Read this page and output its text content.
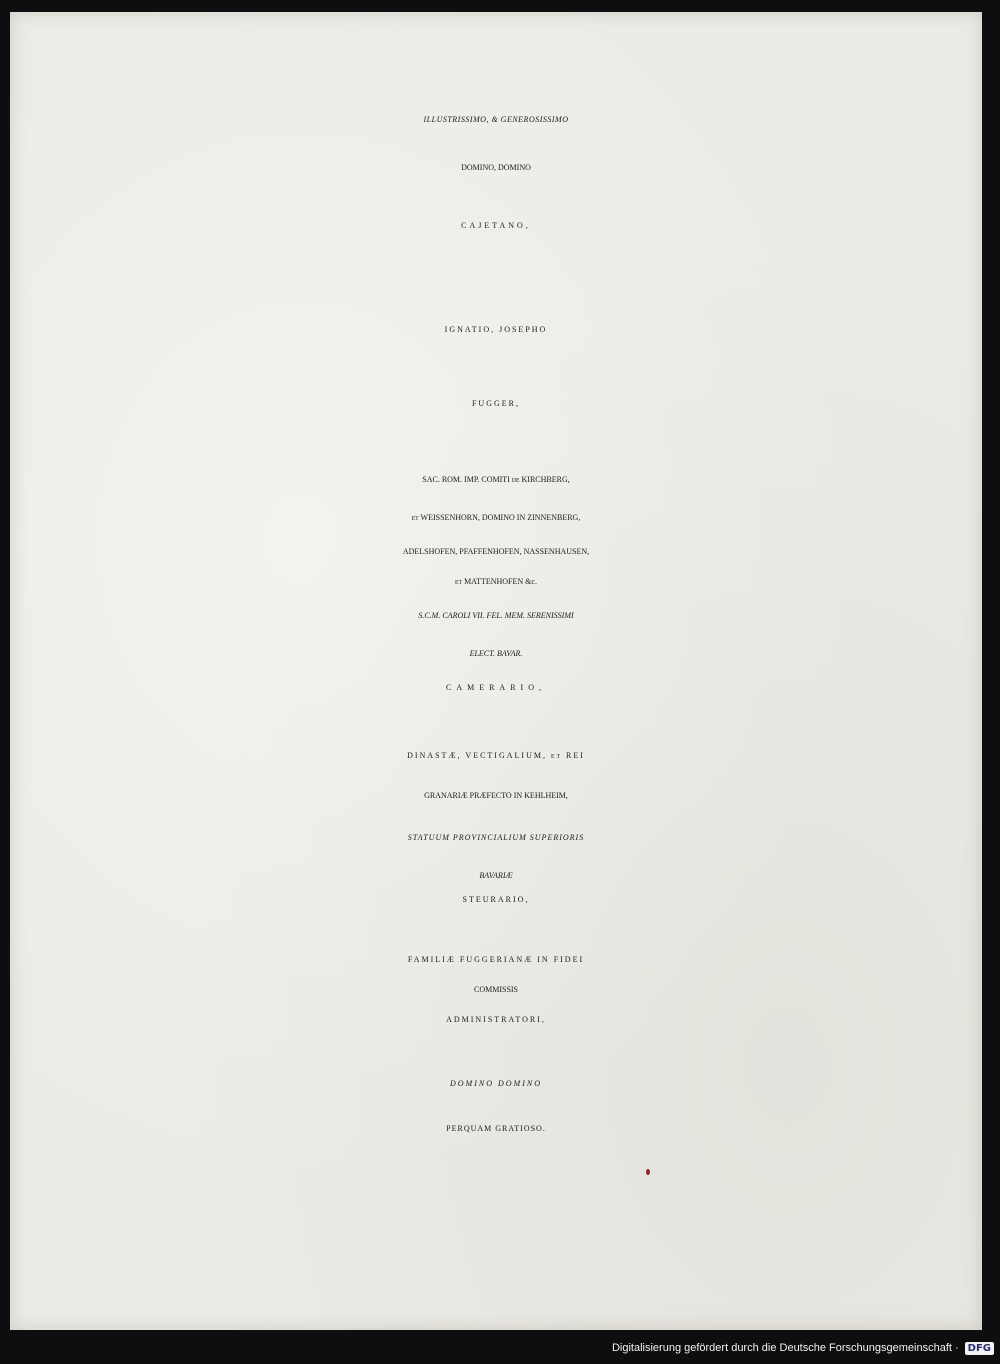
ILLUSTRISSIMO, & GENEROSISSIMO
DOMINO, DOMINO
CAJETANO,
IGNATIO, JOSEPHO
FUGGER,
SAC. ROM. IMP. COMITI DE KIRCHBERG,
ET WEISSENHORN, DOMINO IN ZINNENBERG,
ADELSHOFEN, PFAFFENHOFEN, NASSENHAUSEN,
ET MATTENHOFEN &c.
S.C.M. CAROLI VII. FEL. MEM. SERENISSIMI
ELECT. BAVAR.
CAMERARIO,
DINASTÆ, VECTIGALIUM, ET REI
GRANARIÆ PRÆFECTO IN KEHLHEIM,
STATUUM PROVINCIALIUM SUPERIORIS
BAVARIÆ
STEURARIO,
FAMILIÆ FUGGERIANÆ IN FIDEI
COMMISSIS
ADMINISTRATORI,
DOMINO DOMINO
PERQUAM GRATIOSO.
Digitalisierung gefördert durch die Deutsche Forschungsgemeinschaft · DFG
